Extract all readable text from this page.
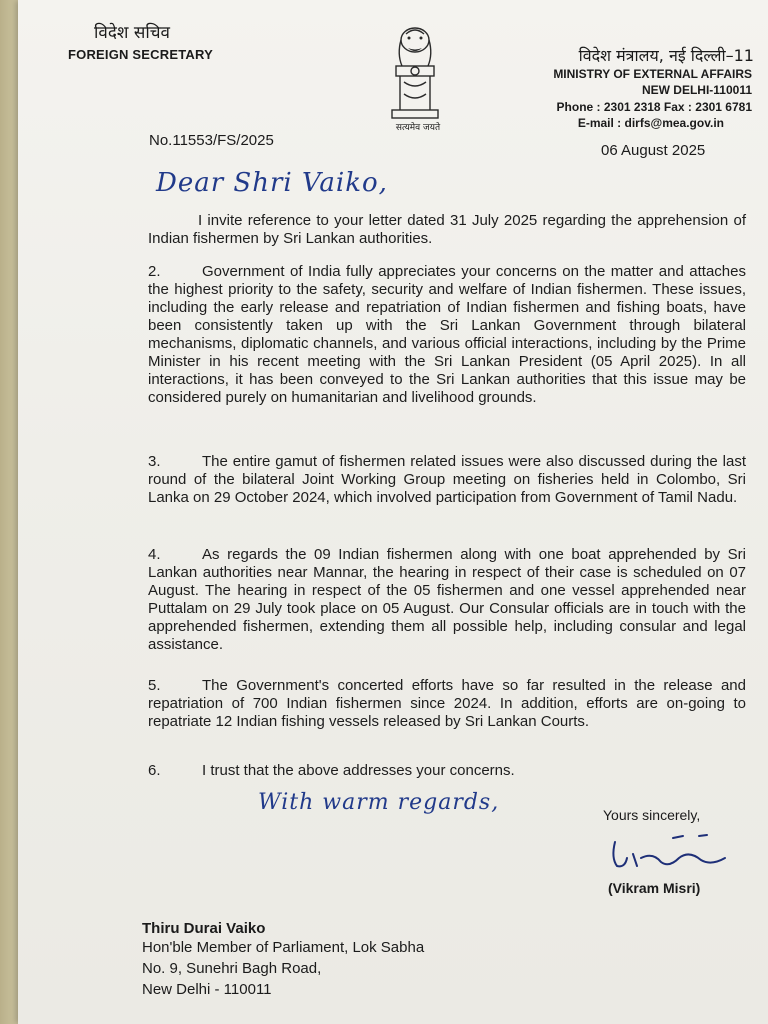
विदेश सचिव
FOREIGN SECRETARY
सत्यमेव जयते
विदेश मंत्रालय, नई दिल्ली–11
MINISTRY OF EXTERNAL AFFAIRS
NEW DELHI-110011
Phone : 2301 2318 Fax : 2301 6781
E-mail : dirfs@mea.gov.in
No.11553/FS/2025
06 August 2025
Dear Shri Vaiko,
I invite reference to your letter dated 31 July 2025 regarding the apprehension of Indian fishermen by Sri Lankan authorities.
2.	Government of India fully appreciates your concerns on the matter and attaches the highest priority to the safety, security and welfare of Indian fishermen. These issues, including the early release and repatriation of Indian fishermen and fishing boats, have been consistently taken up with the Sri Lankan Government through bilateral mechanisms, diplomatic channels, and various official interactions, including by the Prime Minister in his recent meeting with the Sri Lankan President (05 April 2025). In all interactions, it has been conveyed to the Sri Lankan authorities that this issue may be considered purely on humanitarian and livelihood grounds.
3.	The entire gamut of fishermen related issues were also discussed during the last round of the bilateral Joint Working Group meeting on fisheries held in Colombo, Sri Lanka on 29 October 2024, which involved participation from Government of Tamil Nadu.
4.	As regards the 09 Indian fishermen along with one boat apprehended by Sri Lankan authorities near Mannar, the hearing in respect of their case is scheduled on 07 August. The hearing in respect of the 05 fishermen and one vessel apprehended near Puttalam on 29 July took place on 05 August. Our Consular officials are in touch with the apprehended fishermen, extending them all possible help, including consular and legal assistance.
5.	The Government's concerted efforts have so far resulted in the release and repatriation of 700 Indian fishermen since 2024. In addition, efforts are on-going to repatriate 12 Indian fishing vessels released by Sri Lankan Courts.
6.	I trust that the above addresses your concerns.
With warm regards,	Yours sincerely,
(Vikram Misri)
Thiru Durai Vaiko
Hon'ble Member of Parliament, Lok Sabha
No. 9, Sunehri Bagh Road,
New Delhi - 110011
